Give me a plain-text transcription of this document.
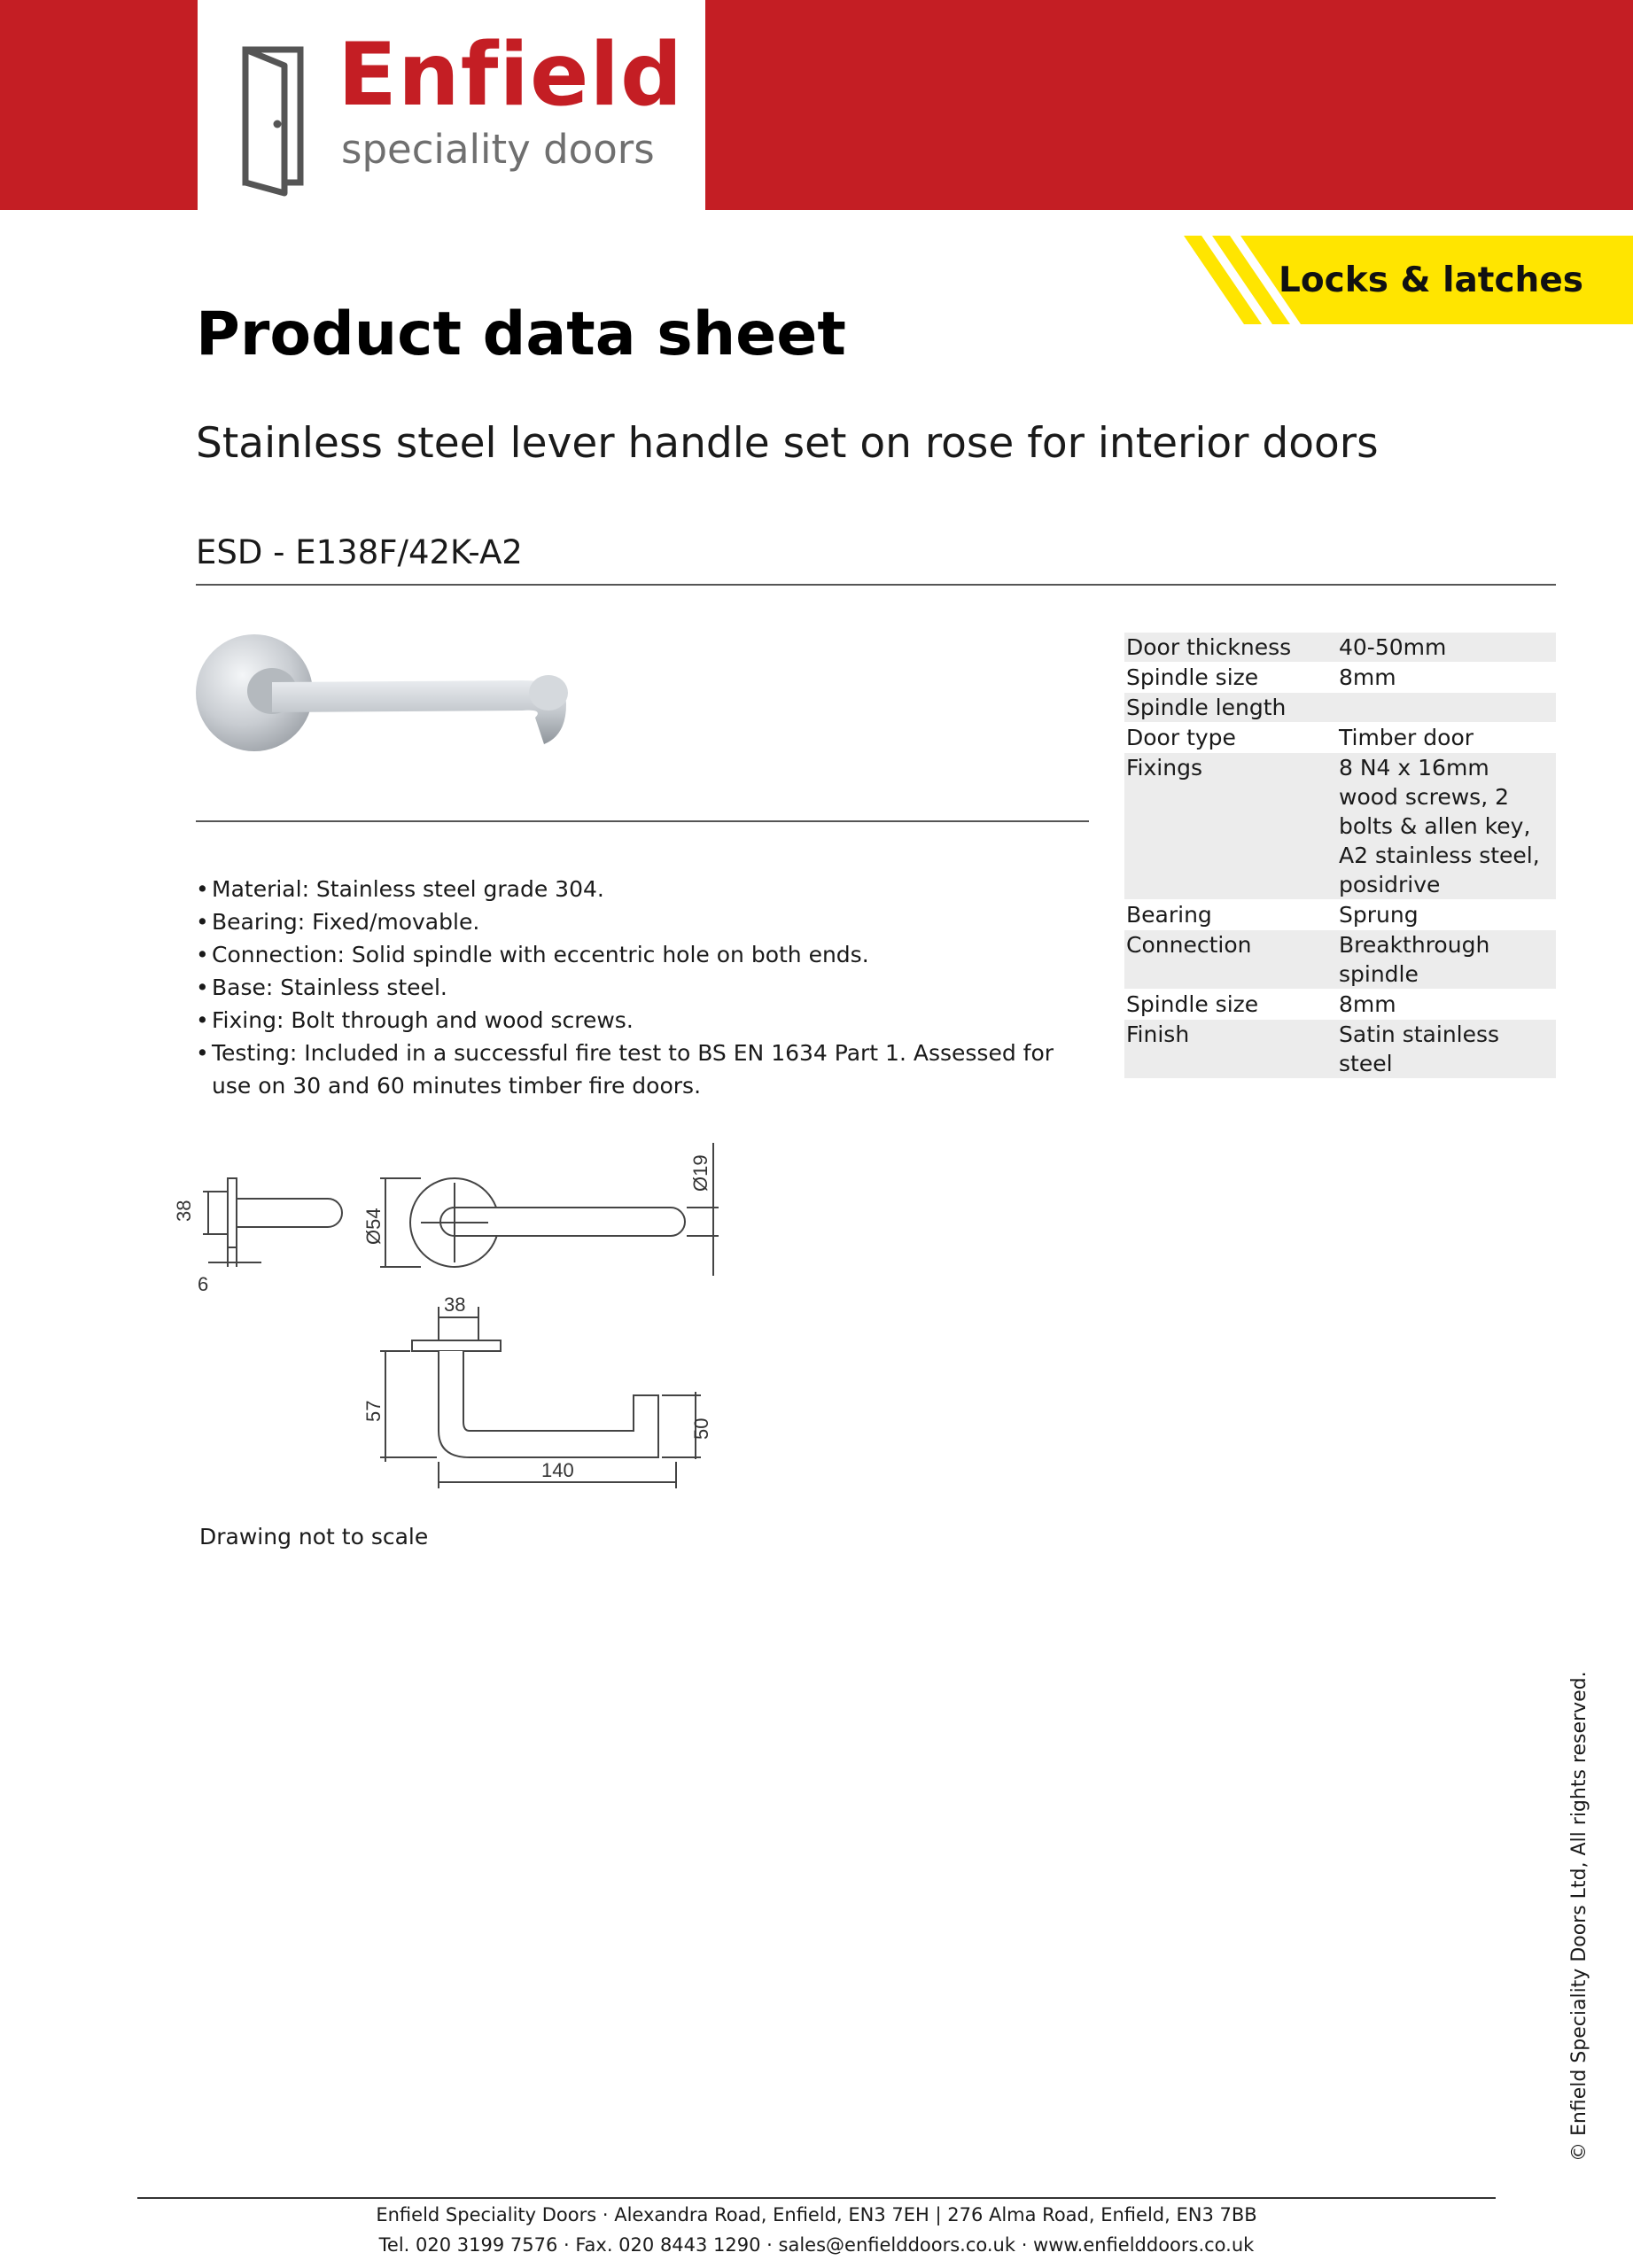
Enfield
speciality doors
Locks & latches
Product data sheet
Stainless steel lever handle set on rose for interior doors
ESD - E138F/42K-A2
• Material: Stainless steel grade 304.
• Bearing: Fixed/movable.
• Connection: Solid spindle with eccentric hole on both ends.
• Base: Stainless steel.
• Fixing: Bolt through and wood screws.
• Testing: Included in a successful fire test to BS EN 1634 Part 1. Assessed for use on 30 and 60 minutes timber fire doors.
Door thickness	40-50mm
Spindle size	8mm
Spindle length	
Door type	Timber door
Fixings	8 N4 x 16mm wood screws, 2 bolts & allen key, A2 stainless steel, posidrive
Bearing	Sprung
Connection	Breakthrough spindle
Spindle size	8mm
Finish	Satin stainless steel
38
6
Ø54
Ø19
38
57
50
140
Drawing not to scale
© Enfield Speciality Doors Ltd, All rights reserved.
Enfield Speciality Doors · Alexandra Road, Enfield, EN3 7EH | 276 Alma Road, Enfield, EN3 7BB
Tel. 020 3199 7576 · Fax. 020 8443 1290 · sales@enfielddoors.co.uk · www.enfielddoors.co.uk
